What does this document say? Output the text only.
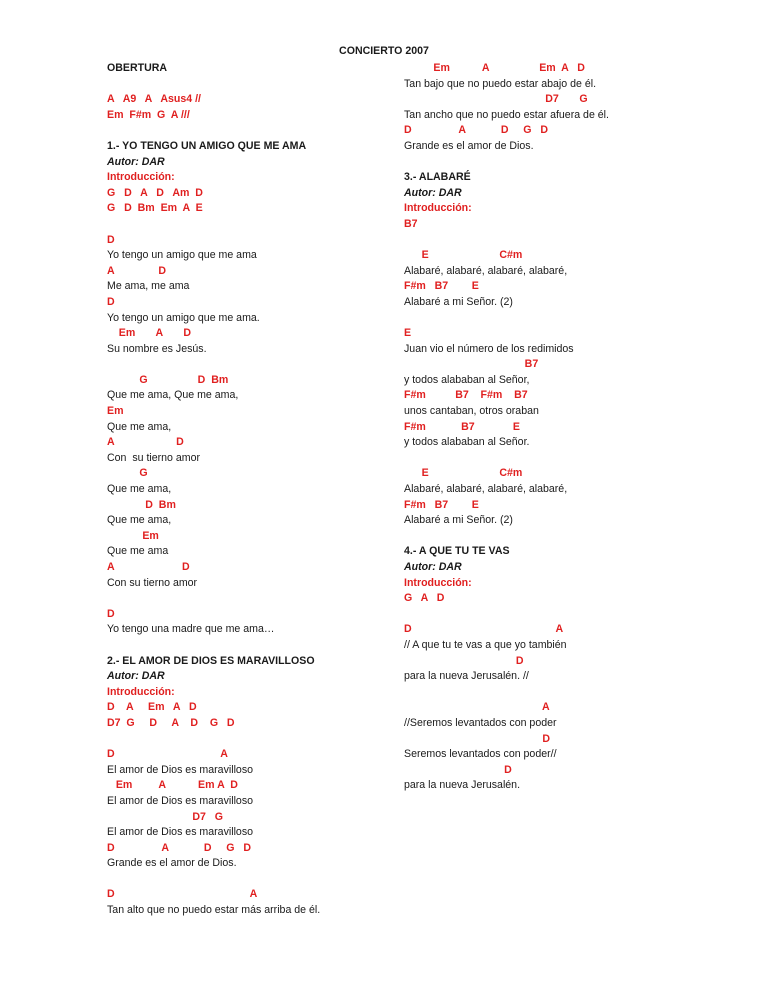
CONCIERTO 2007
OBERTURA
A   A9   A   Asus4 //
Em  F#m  G  A ///
1.- YO TENGO UN AMIGO QUE ME AMA
Autor: DAR
Introducción:
G   D   A   D   Am  D
G   D  Bm  Em  A  E
D
Yo tengo un amigo que me ama
A               D
Me ama, me ama
D
Yo tengo un amigo que me ama.
Em       A       D
Su nombre es Jesús.
G                 D  Bm
Que me ama, Que me ama,
Em
Que me ama,
A                     D
Con  su tierno amor
G
Que me ama,
D  Bm
Que me ama,
Em
Que me ama
A                       D
Con su tierno amor
D
Yo tengo una madre que me ama…
2.- EL AMOR DE DIOS ES MARAVILLOSO
Autor: DAR
Introducción:
D    A     Em   A   D
D7  G     D     A    D    G   D
D                                    A
El amor de Dios es maravilloso
Em         A           Em A  D
El amor de Dios es maravilloso
D7   G
El amor de Dios es maravilloso
D                A            D     G   D
Grande es el amor de Dios.
D                                              A
Tan alto que no puedo estar más arriba de él.
Em           A                 Em  A   D
Tan bajo que no puedo estar abajo de él.
D7       G
Tan ancho que no puedo estar afuera de él.
D                A            D     G   D
Grande es el amor de Dios.
3.- ALABARÉ
Autor: DAR
Introducción:
B7
E                        C#m
Alabaré, alabaré, alabaré, alabaré,
F#m   B7        E
Alabaré a mi Señor. (2)
E
Juan vio el número de los redimidos
B7
y todos alababan al Señor,
F#m          B7    F#m    B7
unos cantaban, otros oraban
F#m            B7             E
y todos alababan al Señor.
E                        C#m
Alabaré, alabaré, alabaré, alabaré,
F#m   B7        E
Alabaré a mi Señor. (2)
4.- A QUE TU TE VAS
Autor: DAR
Introducción:
G   A   D
D                                                 A
// A que tu te vas a que yo también
D
para la nueva Jerusalén. //
A
//Seremos levantados con poder
D
Seremos levantados con poder//
D
para la nueva Jerusalén.
